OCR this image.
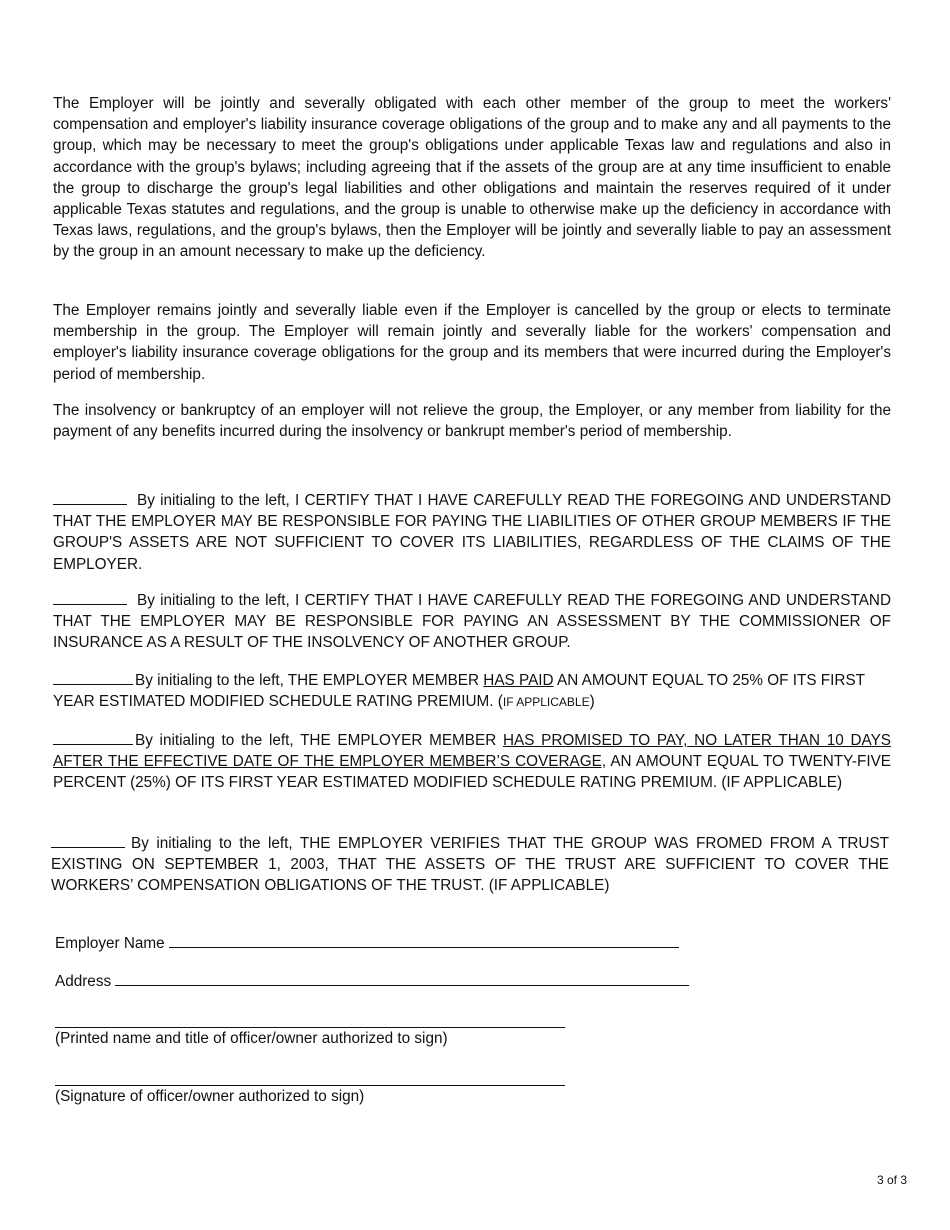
The Employer will be jointly and severally obligated with each other member of the group to meet the workers' compensation and employer's liability insurance coverage obligations of the group and to make any and all payments to the group, which may be necessary to meet the group's obligations under applicable Texas law and regulations and also in accordance with the group's bylaws; including agreeing that if the assets of the group are at any time insufficient to enable the group to discharge the group's legal liabilities and other obligations and maintain the reserves required of it under applicable Texas statutes and regulations, and the group is unable to otherwise make up the deficiency in accordance with Texas laws, regulations, and the group's bylaws, then the Employer will be jointly and severally liable to pay an assessment by the group in an amount necessary to make up the deficiency.

The Employer remains jointly and severally liable even if the Employer is cancelled by the group or elects to terminate membership in the group. The Employer will remain jointly and severally liable for the workers' compensation and employer's liability insurance coverage obligations for the group and its members that were incurred during the Employer's period of membership.

The insolvency or bankruptcy of an employer will not relieve the group, the Employer, or any member from liability for the payment of any benefits incurred during the insolvency or bankrupt member's period of membership.

By initialing to the left, I CERTIFY THAT I HAVE CAREFULLY READ THE FOREGOING AND UNDERSTAND THAT THE EMPLOYER MAY BE RESPONSIBLE FOR PAYING THE LIABILITIES OF OTHER GROUP MEMBERS IF THE GROUP'S ASSETS ARE NOT SUFFICIENT TO COVER ITS LIABILITIES, REGARDLESS OF THE CLAIMS OF THE EMPLOYER.

By initialing to the left, I CERTIFY THAT I HAVE CAREFULLY READ THE FOREGOING AND UNDERSTAND THAT THE EMPLOYER MAY BE RESPONSIBLE FOR PAYING AN ASSESSMENT BY THE COMMISSIONER OF INSURANCE AS A RESULT OF THE INSOLVENCY OF ANOTHER GROUP.

By initialing to the left, THE EMPLOYER MEMBER HAS PAID AN AMOUNT EQUAL TO 25% OF ITS FIRST YEAR ESTIMATED MODIFIED SCHEDULE RATING PREMIUM. (IF APPLICABLE)

By initialing to the left, THE EMPLOYER MEMBER HAS PROMISED TO PAY, NO LATER THAN 10 DAYS AFTER THE EFFECTIVE DATE OF THE EMPLOYER MEMBER’S COVERAGE, AN AMOUNT EQUAL TO TWENTY-FIVE PERCENT (25%) OF ITS FIRST YEAR ESTIMATED MODIFIED SCHEDULE RATING PREMIUM. (IF APPLICABLE)

By initialing to the left, THE EMPLOYER VERIFIES THAT THE GROUP WAS FROMED FROM A TRUST EXISTING ON SEPTEMBER 1, 2003, THAT THE ASSETS OF THE TRUST ARE SUFFICIENT TO COVER THE WORKERS’ COMPENSATION OBLIGATIONS OF THE TRUST. (IF APPLICABLE)

Employer Name
Address
(Printed name and title of officer/owner authorized to sign)
(Signature of officer/owner authorized to sign)
3 of 3
